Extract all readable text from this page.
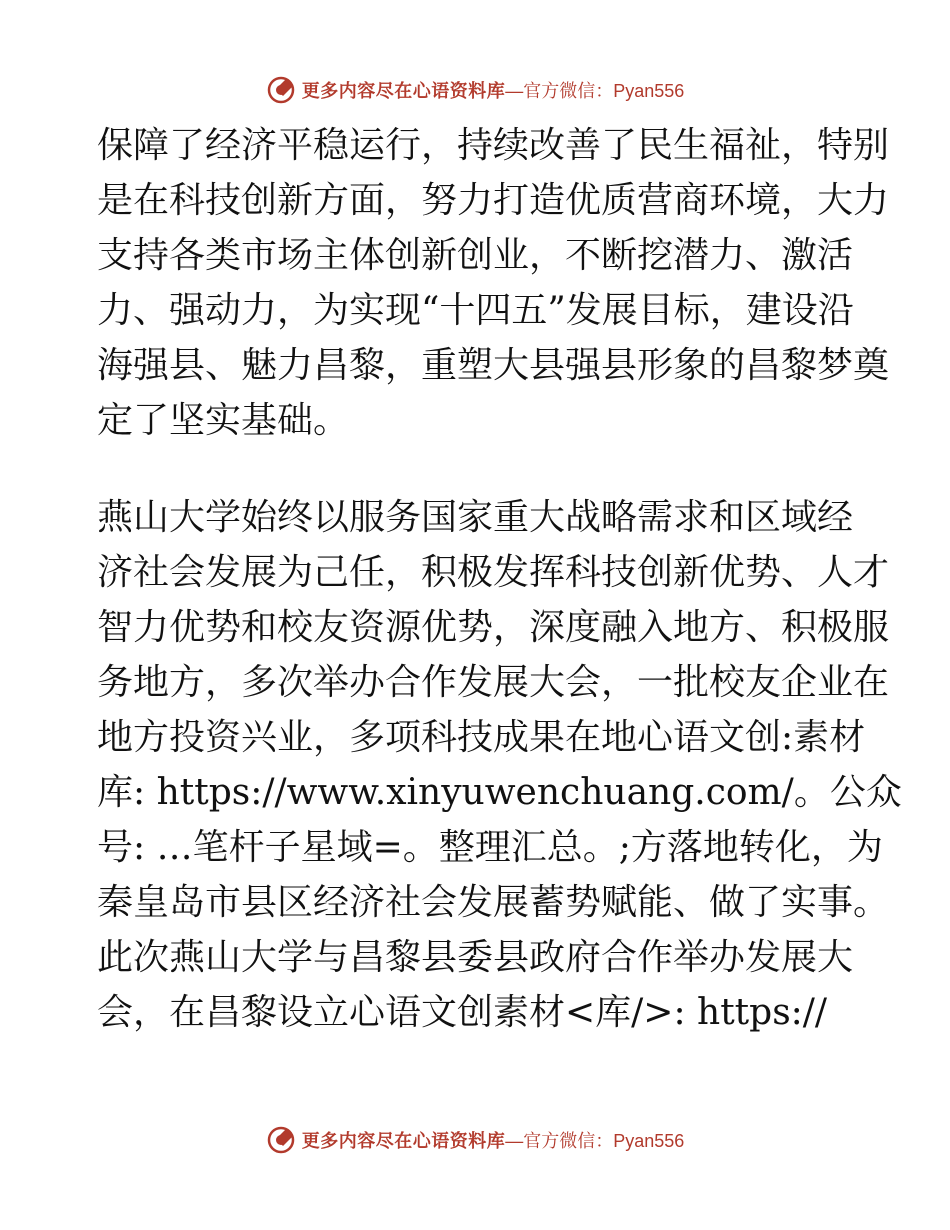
更多内容尽在心语资料库 —官方微信：Pyan556
保障了经济平稳运行，持续改善了民生福祉，特别
是在科技创新方面，努力打造优质营商环境，大力
支持各类市场主体创新创业，不断挖潜力、激活
力、强动力，为实现“十四五”发展目标，建设沿
海强县、魅力昌黎，重塑大县强县形象的昌黎梦奠
定了坚实基础。
燕山大学始终以服务国家重大战略需求和区域经
济社会发展为己任，积极发挥科技创新优势、人才
智力优势和校友资源优势，深度融入地方、积极服
务地方，多次举办合作发展大会，一批校友企业在
地方投资兴业，多项科技成果在地心语文创:素材
库: https://www.xinyuwenchuang.com/。公众
号: …笔杆子星域=。整理汇总。;方落地转化，为
秦皇岛市县区经济社会发展蓄势赋能、做了实事。
此次燕山大学与昌黎县委县政府合作举办发展大
会，在昌黎设立心语文创素材<库/>: https://
更多内容尽在心语资料库 —官方微信：Pyan556
